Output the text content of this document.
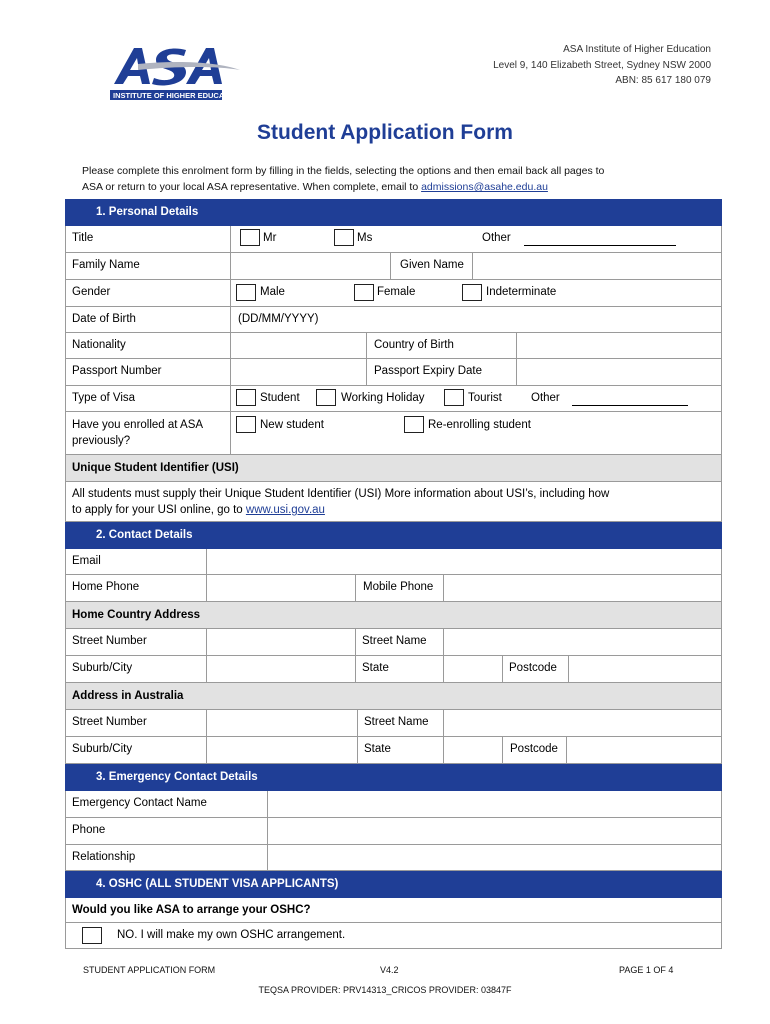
INSTITUTE OF HIGHER EDUCATION
ASA Institute of Higher Education
Level 9, 140 Elizabeth Street, Sydney NSW 2000
ABN: 85 617 180 079
Student Application Form
Please complete this enrolment form by filling in the fields, selecting the options and then email back all pages to
ASA or return to your local ASA representative. When complete, email to admissions@asahe.edu.au
1. Personal Details
Title	Mr	Ms	Other
Family Name	Given Name
Gender	Male	Female	Indeterminate
Date of Birth	(DD/MM/YYYY)
Nationality	Country of Birth
Passport Number	Passport Expiry Date
Type of Visa	Student	Working Holiday	Tourist	Other
Have you enrolled at ASA
previously?
New student	Re-enrolling student
Unique Student Identifier (USI)
All students must supply their Unique Student Identifier (USI) More information about USI’s, including how
to apply for your USI online, go to www.usi.gov.au
2. Contact Details
Email
Home Phone	Mobile Phone
Home Country Address
Street Number	Street Name
Suburb/City	State	Postcode
Address in Australia
Street Number	Street Name
Suburb/City	State	Postcode
3. Emergency Contact Details
Emergency Contact Name
Phone
Relationship
4. OSHC (ALL STUDENT VISA APPLICANTS)
Would you like ASA to arrange your OSHC?
NO. I will make my own OSHC arrangement.
STUDENT APPLICATION FORM	V4.2	PAGE 1 OF 4
TEQSA PROVIDER: PRV14313_CRICOS PROVIDER: 03847F
